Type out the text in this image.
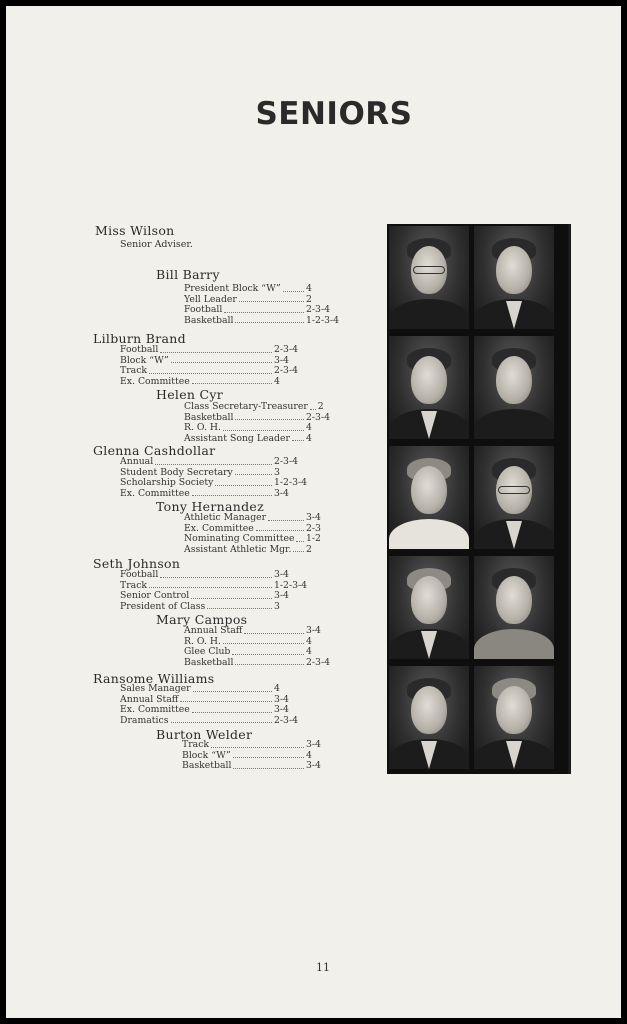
SENIORS
Miss Wilson
Senior Adviser.
Bill Barry
President Block “W”	4
Yell Leader	2
Football	2-3-4
Basketball	1-2-3-4
Lilburn Brand
Football	2-3-4
Block “W”	3-4
Track	2-3-4
Ex. Committee	4
Helen Cyr
Class Secretary-Treasurer 2
Basketball	2-3-4
R. O. H.	4
Assistant Song Leader 4
Glenna Cashdollar
Annual	2-3-4
Student Body Secretary	3
Scholarship Society	1-2-3-4
Ex. Committee	3-4
Tony Hernandez
Athletic Manager	3-4
Ex. Committee	2-3
Nominating Committee 1-2
Assistant Athletic Mgr. 2
Seth Johnson
Football	3-4
Track	1-2-3-4
Senior Control	3-4
President of Class	3
Mary Campos
Annual Staff	3-4
R. O. H.	4
Glee Club	4
Basketball	2-3-4
Ransome Williams
Sales Manager	4
Annual Staff	3-4
Ex. Committee	3-4
Dramatics	2-3-4
Burton Welder
Track	3-4
Block “W”	4
Basketball	3-4
11
